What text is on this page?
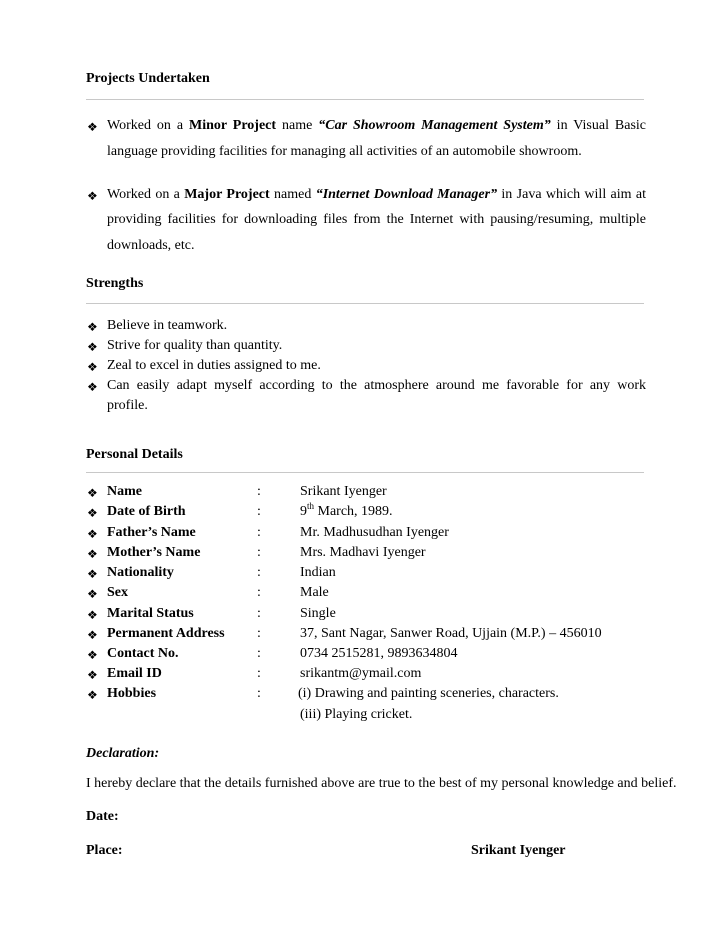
Projects Undertaken
❖ Worked on a Minor Project name “Car Showroom Management System” in Visual Basic
language providing facilities for managing all activities of an automobile showroom.
❖ Worked on a Major Project named “Internet Download Manager” in Java which will aim at
providing facilities for downloading files from the Internet with pausing/resuming, multiple
downloads, etc.
Strengths
❖ Believe in teamwork.
❖ Strive for quality than quantity.
❖ Zeal to excel in duties assigned to me.
❖ Can easily adapt myself according to the atmosphere around me favorable for any work
profile.
Personal Details
❖ Name	:	Srikant Iyenger
❖ Date of Birth	:	9th March, 1989.
❖ Father’s Name	:	Mr. Madhusudhan Iyenger
❖ Mother’s Name	:	Mrs. Madhavi Iyenger
❖ Nationality	:	Indian
❖ Sex	:	Male
❖ Marital Status	:	Single
❖ Permanent Address :	37, Sant Nagar, Sanwer Road, Ujjain (M.P.) – 456010
❖ Contact No.	:	0734 2515281, 9893634804
❖ Email ID	:	srikantm@ymail.com
❖ Hobbies	:	(i) Drawing and painting sceneries, characters.
(iii) Playing cricket.
Declaration:
I hereby declare that the details furnished above are true to the best of my personal knowledge and belief.
Date:
Place:	Srikant Iyenger
